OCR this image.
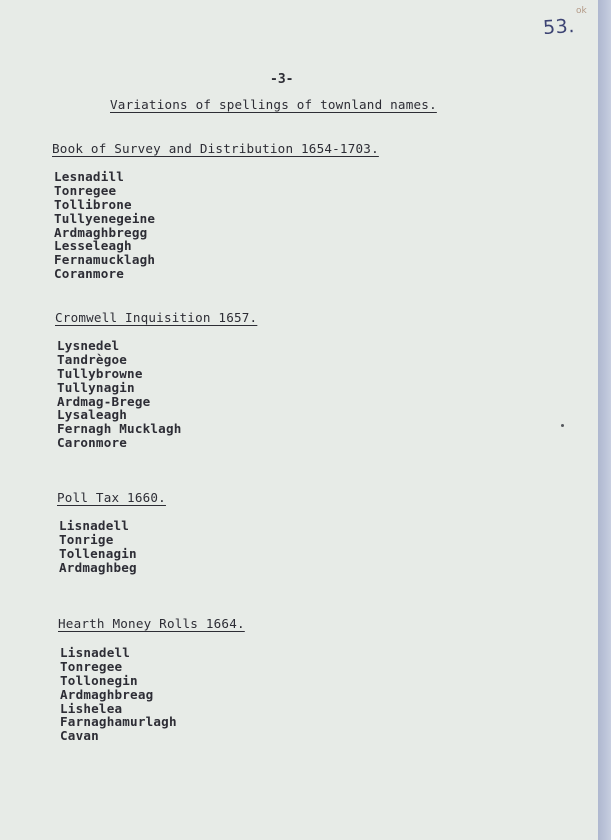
53.
ok
-3-
Variations of spellings of townland names.
Book of Survey and Distribution 1654-1703.
Lesnadill
Tonregee
Tollibrone
Tullyenegeine
Ardmaghbregg
Lesseleagh
Fernamucklagh
Coranmore
Cromwell Inquisition 1657.
Lysnedel
Tandrègoe
Tullybrowne
Tullynagin
Ardmag-Brege
Lysaleagh
Fernagh Mucklagh
Caronmore
Poll Tax 1660.
Lisnadell
Tonrige
Tollenagin
Ardmaghbeg
Hearth Money Rolls 1664.
Lisnadell
Tonregee
Tollonegin
Ardmaghbreag
Lishelea
Farnaghamurlagh
Cavan
